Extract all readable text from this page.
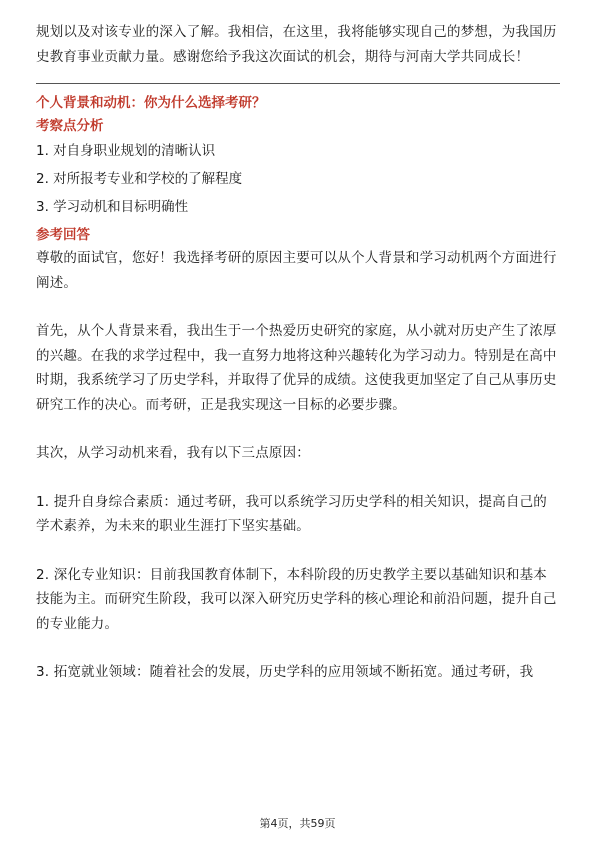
规划以及对该专业的深入了解。我相信，在这里，我将能够实现自己的梦想，为我国历史教育事业贡献力量。感谢您给予我这次面试的机会，期待与河南大学共同成长！

个人背景和动机：你为什么选择考研？

考察点分析

1. 对自身职业规划的清晰认识

2. 对所报考专业和学校的了解程度

3. 学习动机和目标明确性

参考回答

尊敬的面试官，您好！我选择考研的原因主要可以从个人背景和学习动机两个方面进行阐述。

首先，从个人背景来看，我出生于一个热爱历史研究的家庭，从小就对历史产生了浓厚的兴趣。在我的求学过程中，我一直努力地将这种兴趣转化为学习动力。特别是在高中时期，我系统学习了历史学科，并取得了优异的成绩。这使我更加坚定了自己从事历史研究工作的决心。而考研，正是我实现这一目标的必要步骤。

其次，从学习动机来看，我有以下三点原因：

1. 提升自身综合素质：通过考研，我可以系统学习历史学科的相关知识，提高自己的学术素养，为未来的职业生涯打下坚实基础。

2. 深化专业知识：目前我国教育体制下，本科阶段的历史教学主要以基础知识和基本技能为主。而研究生阶段，我可以深入研究历史学科的核心理论和前沿问题，提升自己的专业能力。

3. 拓宽就业领域：随着社会的发展，历史学科的应用领域不断拓宽。通过考研，我

第4页，共59页
